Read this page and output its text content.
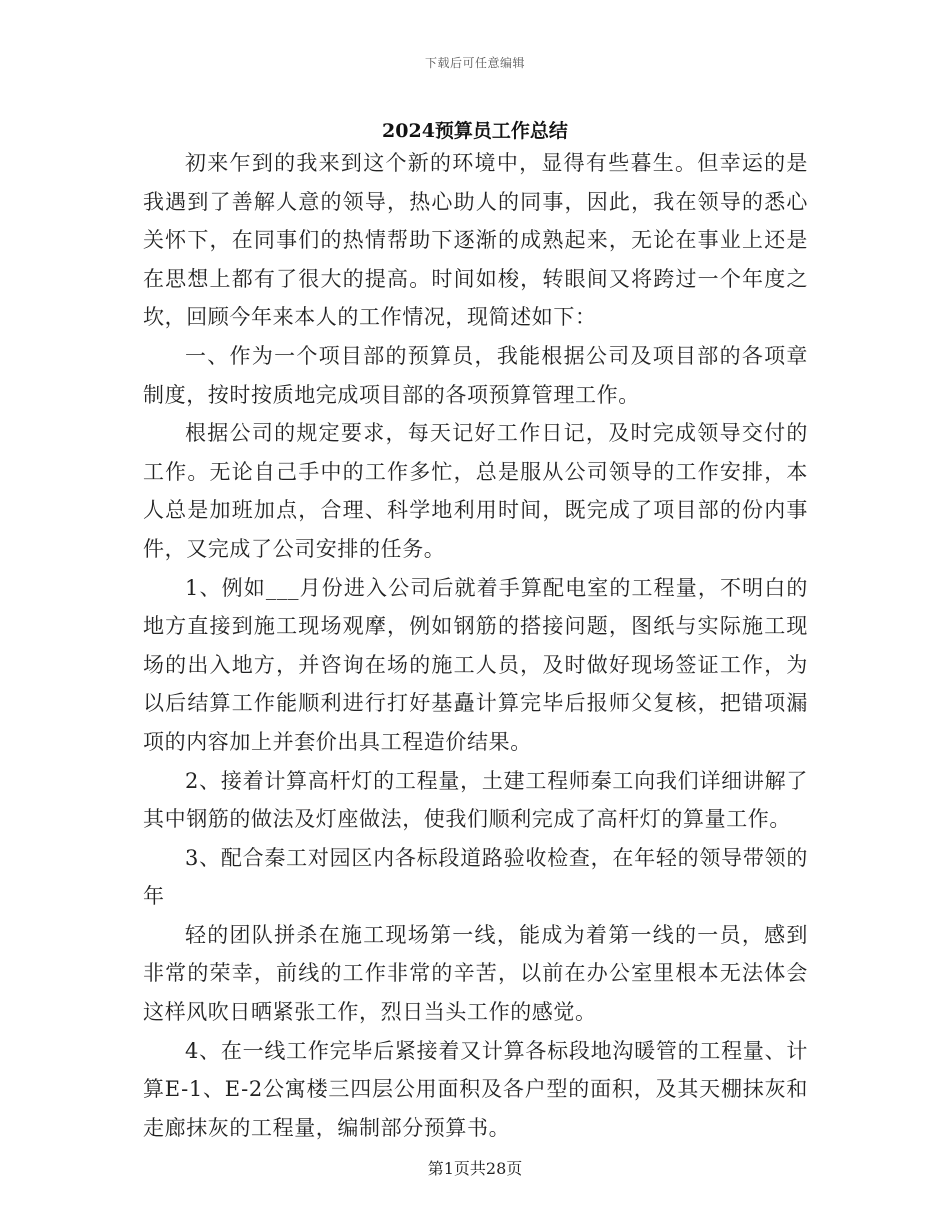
下载后可任意编辑
2024预算员工作总结

初来乍到的我来到这个新的环境中，显得有些暮生。但幸运的是我遇到了善解人意的领导，热心助人的同事，因此，我在领导的悉心关怀下，在同事们的热情帮助下逐渐的成熟起来，无论在事业上还是在思想上都有了很大的提高。时间如梭，转眼间又将跨过一个年度之坎，回顾今年来本人的工作情况，现简述如下：

一、作为一个项目部的预算员，我能根据公司及项目部的各项章制度，按时按质地完成项目部的各项预算管理工作。

根据公司的规定要求，每天记好工作日记，及时完成领导交付的工作。无论自己手中的工作多忙，总是服从公司领导的工作安排，本人总是加班加点，合理、科学地利用时间，既完成了项目部的份内事件，又完成了公司安排的任务。

1、例如___月份进入公司后就着手算配电室的工程量，不明白的地方直接到施工现场观摩，例如钢筋的搭接问题，图纸与实际施工现场的出入地方，并咨询在场的施工人员，及时做好现场签证工作，为以后结算工作能顺利进行打好基矗计算完毕后报师父复核，把错项漏项的内容加上并套价出具工程造价结果。

2、接着计算高杆灯的工程量，土建工程师秦工向我们详细讲解了其中钢筋的做法及灯座做法，使我们顺利完成了高杆灯的算量工作。

3、配合秦工对园区内各标段道路验收检查，在年轻的领导带领的年

轻的团队拼杀在施工现场第一线，能成为着第一线的一员，感到非常的荣幸，前线的工作非常的辛苦，以前在办公室里根本无法体会这样风吹日晒紧张工作，烈日当头工作的感觉。

4、在一线工作完毕后紧接着又计算各标段地沟暖管的工程量、计算E-1、E-2公寓楼三四层公用面积及各户型的面积，及其天棚抹灰和走廊抹灰的工程量，编制部分预算书。

第1页共28页
